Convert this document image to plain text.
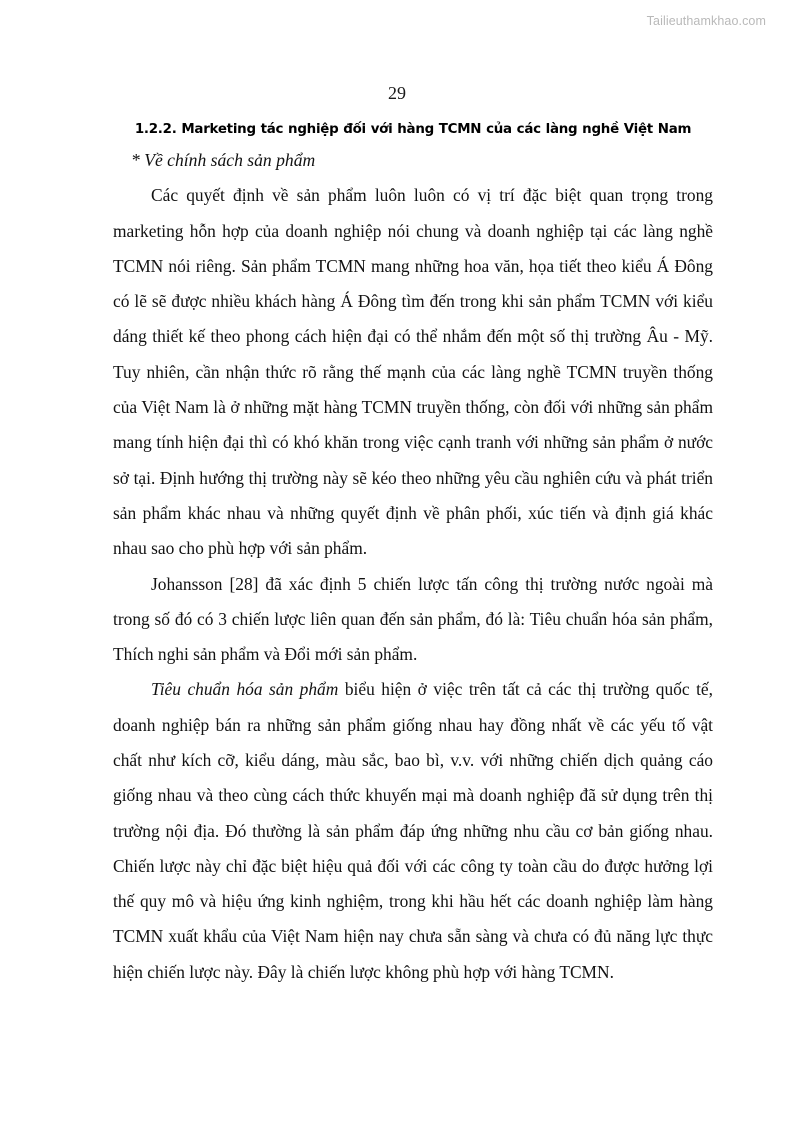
Tailieuthamkhao.com
29
1.2.2. Marketing tác nghiệp đối với hàng TCMN của các làng nghề Việt Nam
* Về chính sách sản phẩm

Các quyết định về sản phẩm luôn luôn có vị trí đặc biệt quan trọng trong marketing hỗn hợp của doanh nghiệp nói chung và doanh nghiệp tại các làng nghề TCMN nói riêng. Sản phẩm TCMN mang những hoa văn, họa tiết theo kiểu Á Đông có lẽ sẽ được nhiều khách hàng Á Đông tìm đến trong khi sản phẩm TCMN với kiểu dáng thiết kế theo phong cách hiện đại có thể nhắm đến một số thị trường Âu - Mỹ. Tuy nhiên, cần nhận thức rõ rằng thế mạnh của các làng nghề TCMN truyền thống của Việt Nam là ở những mặt hàng TCMN truyền thống, còn đối với những sản phẩm mang tính hiện đại thì có khó khăn trong việc cạnh tranh với những sản phẩm ở nước sở tại. Định hướng thị trường này sẽ kéo theo những yêu cầu nghiên cứu và phát triển sản phẩm khác nhau và những quyết định về phân phối, xúc tiến và định giá khác nhau sao cho phù hợp với sản phẩm.

Johansson [28] đã xác định 5 chiến lược tấn công thị trường nước ngoài mà trong số đó có 3 chiến lược liên quan đến sản phẩm, đó là: Tiêu chuẩn hóa sản phẩm, Thích nghi sản phẩm và Đổi mới sản phẩm.

Tiêu chuẩn hóa sản phẩm biểu hiện ở việc trên tất cả các thị trường quốc tế, doanh nghiệp bán ra những sản phẩm giống nhau hay đồng nhất về các yếu tố vật chất như kích cỡ, kiểu dáng, màu sắc, bao bì, v.v. với những chiến dịch quảng cáo giống nhau và theo cùng cách thức khuyến mại mà doanh nghiệp đã sử dụng trên thị trường nội địa. Đó thường là sản phẩm đáp ứng những nhu cầu cơ bản giống nhau. Chiến lược này chỉ đặc biệt hiệu quả đối với các công ty toàn cầu do được hưởng lợi thế quy mô và hiệu ứng kinh nghiệm, trong khi hầu hết các doanh nghiệp làm hàng TCMN xuất khẩu của Việt Nam hiện nay chưa sẵn sàng và chưa có đủ năng lực thực hiện chiến lược này. Đây là chiến lược không phù hợp với hàng TCMN.
